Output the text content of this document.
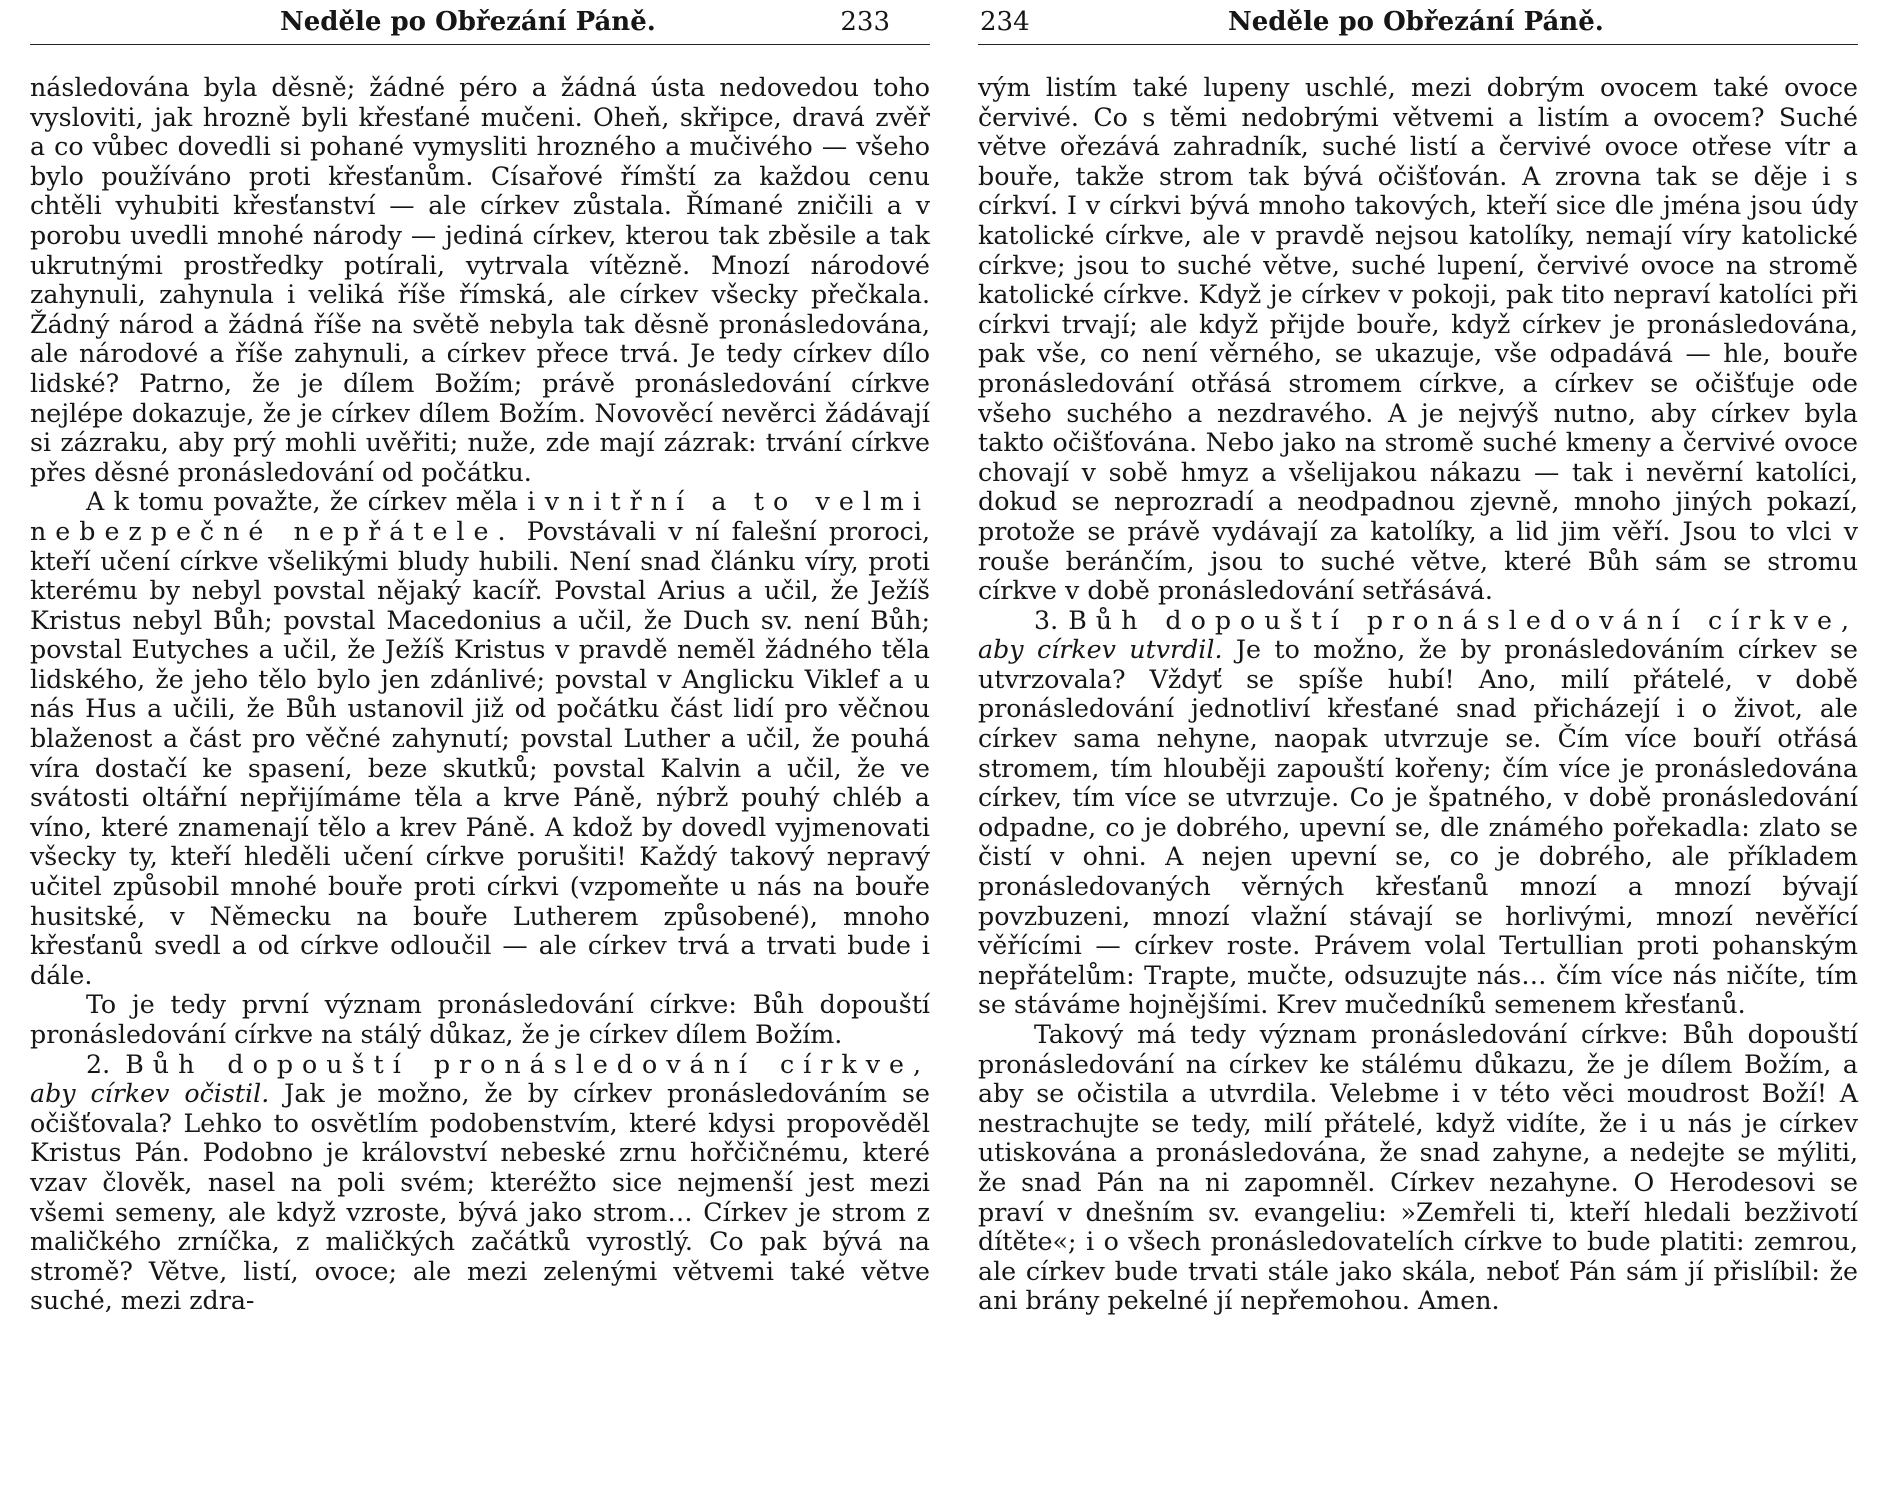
Neděle po Obřezání Páně.	233

následována byla děsně; žádné péro a žádná ústa nedovedou toho vysloviti, jak hrozně byli křesťané mučeni. Oheň, skřipce, dravá zvěř a co vůbec dovedli si pohané vymysliti hrozného a mučivého — všeho bylo používáno proti křesťanům. Císařové římští za každou cenu chtěli vyhubiti křesťanství — ale církev zůstala. Římané zničili a v porobu uvedli mnohé národy — jediná církev, kterou tak zběsile a tak ukrutnými prostředky potírali, vytrvala vítězně. Mnozí národové zahynuli, zahynula i veliká říše římská, ale církev všecky přečkala. Žádný národ a žádná říše na světě nebyla tak děsně pronásledována, ale národové a říše zahynuli, a církev přece trvá. Je tedy církev dílo lidské? Patrno, že je dílem Božím; právě pronásledování církve nejlépe dokazuje, že je církev dílem Božím. Novověcí nevěrci žádávají si zázraku, aby prý mohli uvěřiti; nuže, zde mají zázrak: trvání církve přes děsné pronásledování od počátku.

A k tomu považte, že církev měla i vnitřní a to velmi nebezpečné nepřátele. Povstávali v ní falešní proroci, kteří učení církve všelikými bludy hubili. Není snad článku víry, proti kterému by nebyl povstal nějaký kacíř. Povstal Arius a učil, že Ježíš Kristus nebyl Bůh; povstal Macedonius a učil, že Duch sv. není Bůh; povstal Eutyches a učil, že Ježíš Kristus v pravdě neměl žádného těla lidského, že jeho tělo bylo jen zdánlivé; povstal v Anglicku Viklef a u nás Hus a učili, že Bůh ustanovil již od počátku část lidí pro věčnou blaženost a část pro věčné zahynutí; povstal Luther a učil, že pouhá víra dostačí ke spasení, beze skutků; povstal Kalvin a učil, že ve svátosti oltářní nepřijímáme těla a krve Páně, nýbrž pouhý chléb a víno, které znamenají tělo a krev Páně. A kdož by dovedl vyjmenovati všecky ty, kteří hleděli učení církve porušiti! Každý takový nepravý učitel způsobil mnohé bouře proti církvi (vzpomeňte u nás na bouře husitské, v Německu na bouře Lutherem způsobené), mnoho křesťanů svedl a od církve odloučil — ale církev trvá a trvati bude i dále.

To je tedy první význam pronásledování církve: Bůh dopouští pronásledování církve na stálý důkaz, že je církev dílem Božím.

2. Bůh dopouští pronásledování církve, aby církev očistil. Jak je možno, že by církev pronásledováním se očišťovala? Lehko to osvětlím podobenstvím, které kdysi propověděl Kristus Pán. Podobno je království nebeské zrnu hořčičnému, které vzav člověk, nasel na poli svém; kteréžto sice nejmenší jest mezi všemi semeny, ale když vzroste, bývá jako strom… Církev je strom z maličkého zrníčka, z maličkých začátků vyrostlý. Co pak bývá na stromě? Větve, listí, ovoce; ale mezi zelenými větvemi také větve suché, mezi zdra-

234	Neděle po Obřezání Páně.

vým listím také lupeny uschlé, mezi dobrým ovocem také ovoce červivé. Co s těmi nedobrými větvemi a listím a ovocem? Suché větve ořezává zahradník, suché listí a červivé ovoce otřese vítr a bouře, takže strom tak bývá očišťován. A zrovna tak se děje i s církví. I v církvi bývá mnoho takových, kteří sice dle jména jsou údy katolické církve, ale v pravdě nejsou katolíky, nemají víry katolické církve; jsou to suché větve, suché lupení, červivé ovoce na stromě katolické církve. Když je církev v pokoji, pak tito nepraví katolíci při církvi trvají; ale když přijde bouře, když církev je pronásledována, pak vše, co není věrného, se ukazuje, vše odpadává — hle, bouře pronásledování otřásá stromem církve, a církev se očišťuje ode všeho suchého a nezdravého. A je nejvýš nutno, aby církev byla takto očišťována. Nebo jako na stromě suché kmeny a červivé ovoce chovají v sobě hmyz a všelijakou nákazu — tak i nevěrní katolíci, dokud se neprozradí a neodpadnou zjevně, mnoho jiných pokazí, protože se právě vydávají za katolíky, a lid jim věří. Jsou to vlci v rouše beránčím, jsou to suché větve, které Bůh sám se stromu církve v době pronásledování setřásává.

3. Bůh dopouští pronásledování církve, aby církev utvrdil. Je to možno, že by pronásledováním církev se utvrzovala? Vždyť se spíše hubí! Ano, milí přátelé, v době pronásledování jednotliví křesťané snad přicházejí i o život, ale církev sama nehyne, naopak utvrzuje se. Čím více bouří otřásá stromem, tím hlouběji zapouští kořeny; čím více je pronásledována církev, tím více se utvrzuje. Co je špatného, v době pronásledování odpadne, co je dobrého, upevní se, dle známého pořekadla: zlato se čistí v ohni. A nejen upevní se, co je dobrého, ale příkladem pronásledovaných věrných křesťanů mnozí a mnozí bývají povzbuzeni, mnozí vlažní stávají se horlivými, mnozí nevěřící věřícími — církev roste. Právem volal Tertullian proti pohanským nepřátelům: Trapte, mučte, odsuzujte nás… čím více nás ničíte, tím se stáváme hojnějšími. Krev mučedníků semenem křesťanů.

Takový má tedy význam pronásledování církve: Bůh dopouští pronásledování na církev ke stálému důkazu, že je dílem Božím, a aby se očistila a utvrdila. Velebme i v této věci moudrost Boží! A nestrachujte se tedy, milí přátelé, když vidíte, že i u nás je církev utiskována a pronásledována, že snad zahyne, a nedejte se mýliti, že snad Pán na ni zapomněl. Církev nezahyne. O Herodesovi se praví v dnešním sv. evangeliu: »Zemřeli ti, kteří hledali bezživotí dítěte«; i o všech pronásledovatelích církve to bude platiti: zemrou, ale církev bude trvati stále jako skála, neboť Pán sám jí přislíbil: že ani brány pekelné jí nepřemohou. Amen.
